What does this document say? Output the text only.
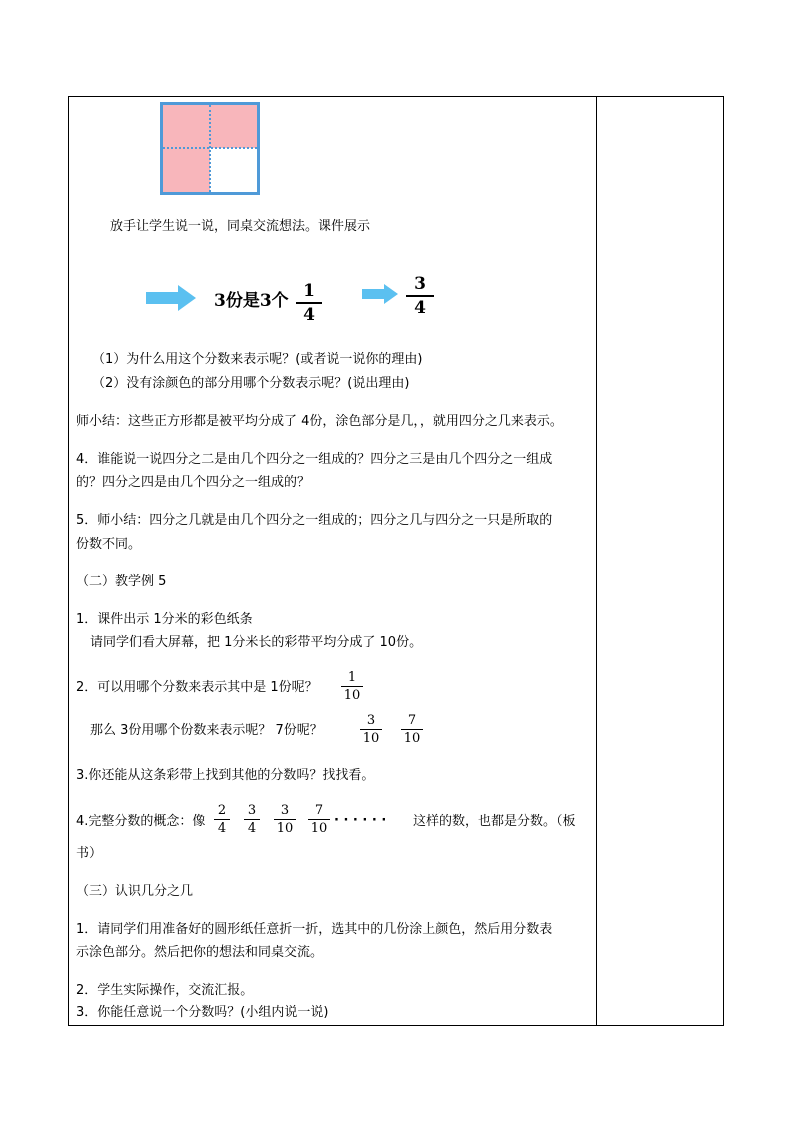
放手让学生说一说，同桌交流想法。课件展示
3份是3个 1
4
3
4
（1）为什么用这个分数来表示呢？(或者说一说你的理由)
（2）没有涂颜色的部分用哪个分数表示呢？(说出理由)
师小结：这些正方形都是被平均分成了 4份，涂色部分是几，，就用四分之几来表示。
4．谁能说一说四分之二是由几个四分之一组成的？四分之三是由几个四分之一组成
的？四分之四是由几个四分之一组成的？
5．师小结：四分之几就是由几个四分之一组成的；四分之几与四分之一只是所取的
份数不同。
（二）教学例 5
1．课件出示 1分米的彩色纸条
请同学们看大屏幕，把 1分米长的彩带平均分成了 10份。
2．可以用哪个分数来表示其中是 1份呢？
1
10
那么 3份用哪个份数来表示呢？ 7份呢？
3
10
7
10
3.你还能从这条彩带上找到其他的分数吗？找找看。
4.完整分数的概念：像
2
4
3
4
3
10
7
10
· · · · · · 这样的数，也都是分数。（板
书）
（三）认识几分之几
1．请同学们用准备好的圆形纸任意折一折，选其中的几份涂上颜色，然后用分数表
示涂色部分。然后把你的想法和同桌交流。
2．学生实际操作，交流汇报。
3．你能任意说一个分数吗？(小组内说一说)
